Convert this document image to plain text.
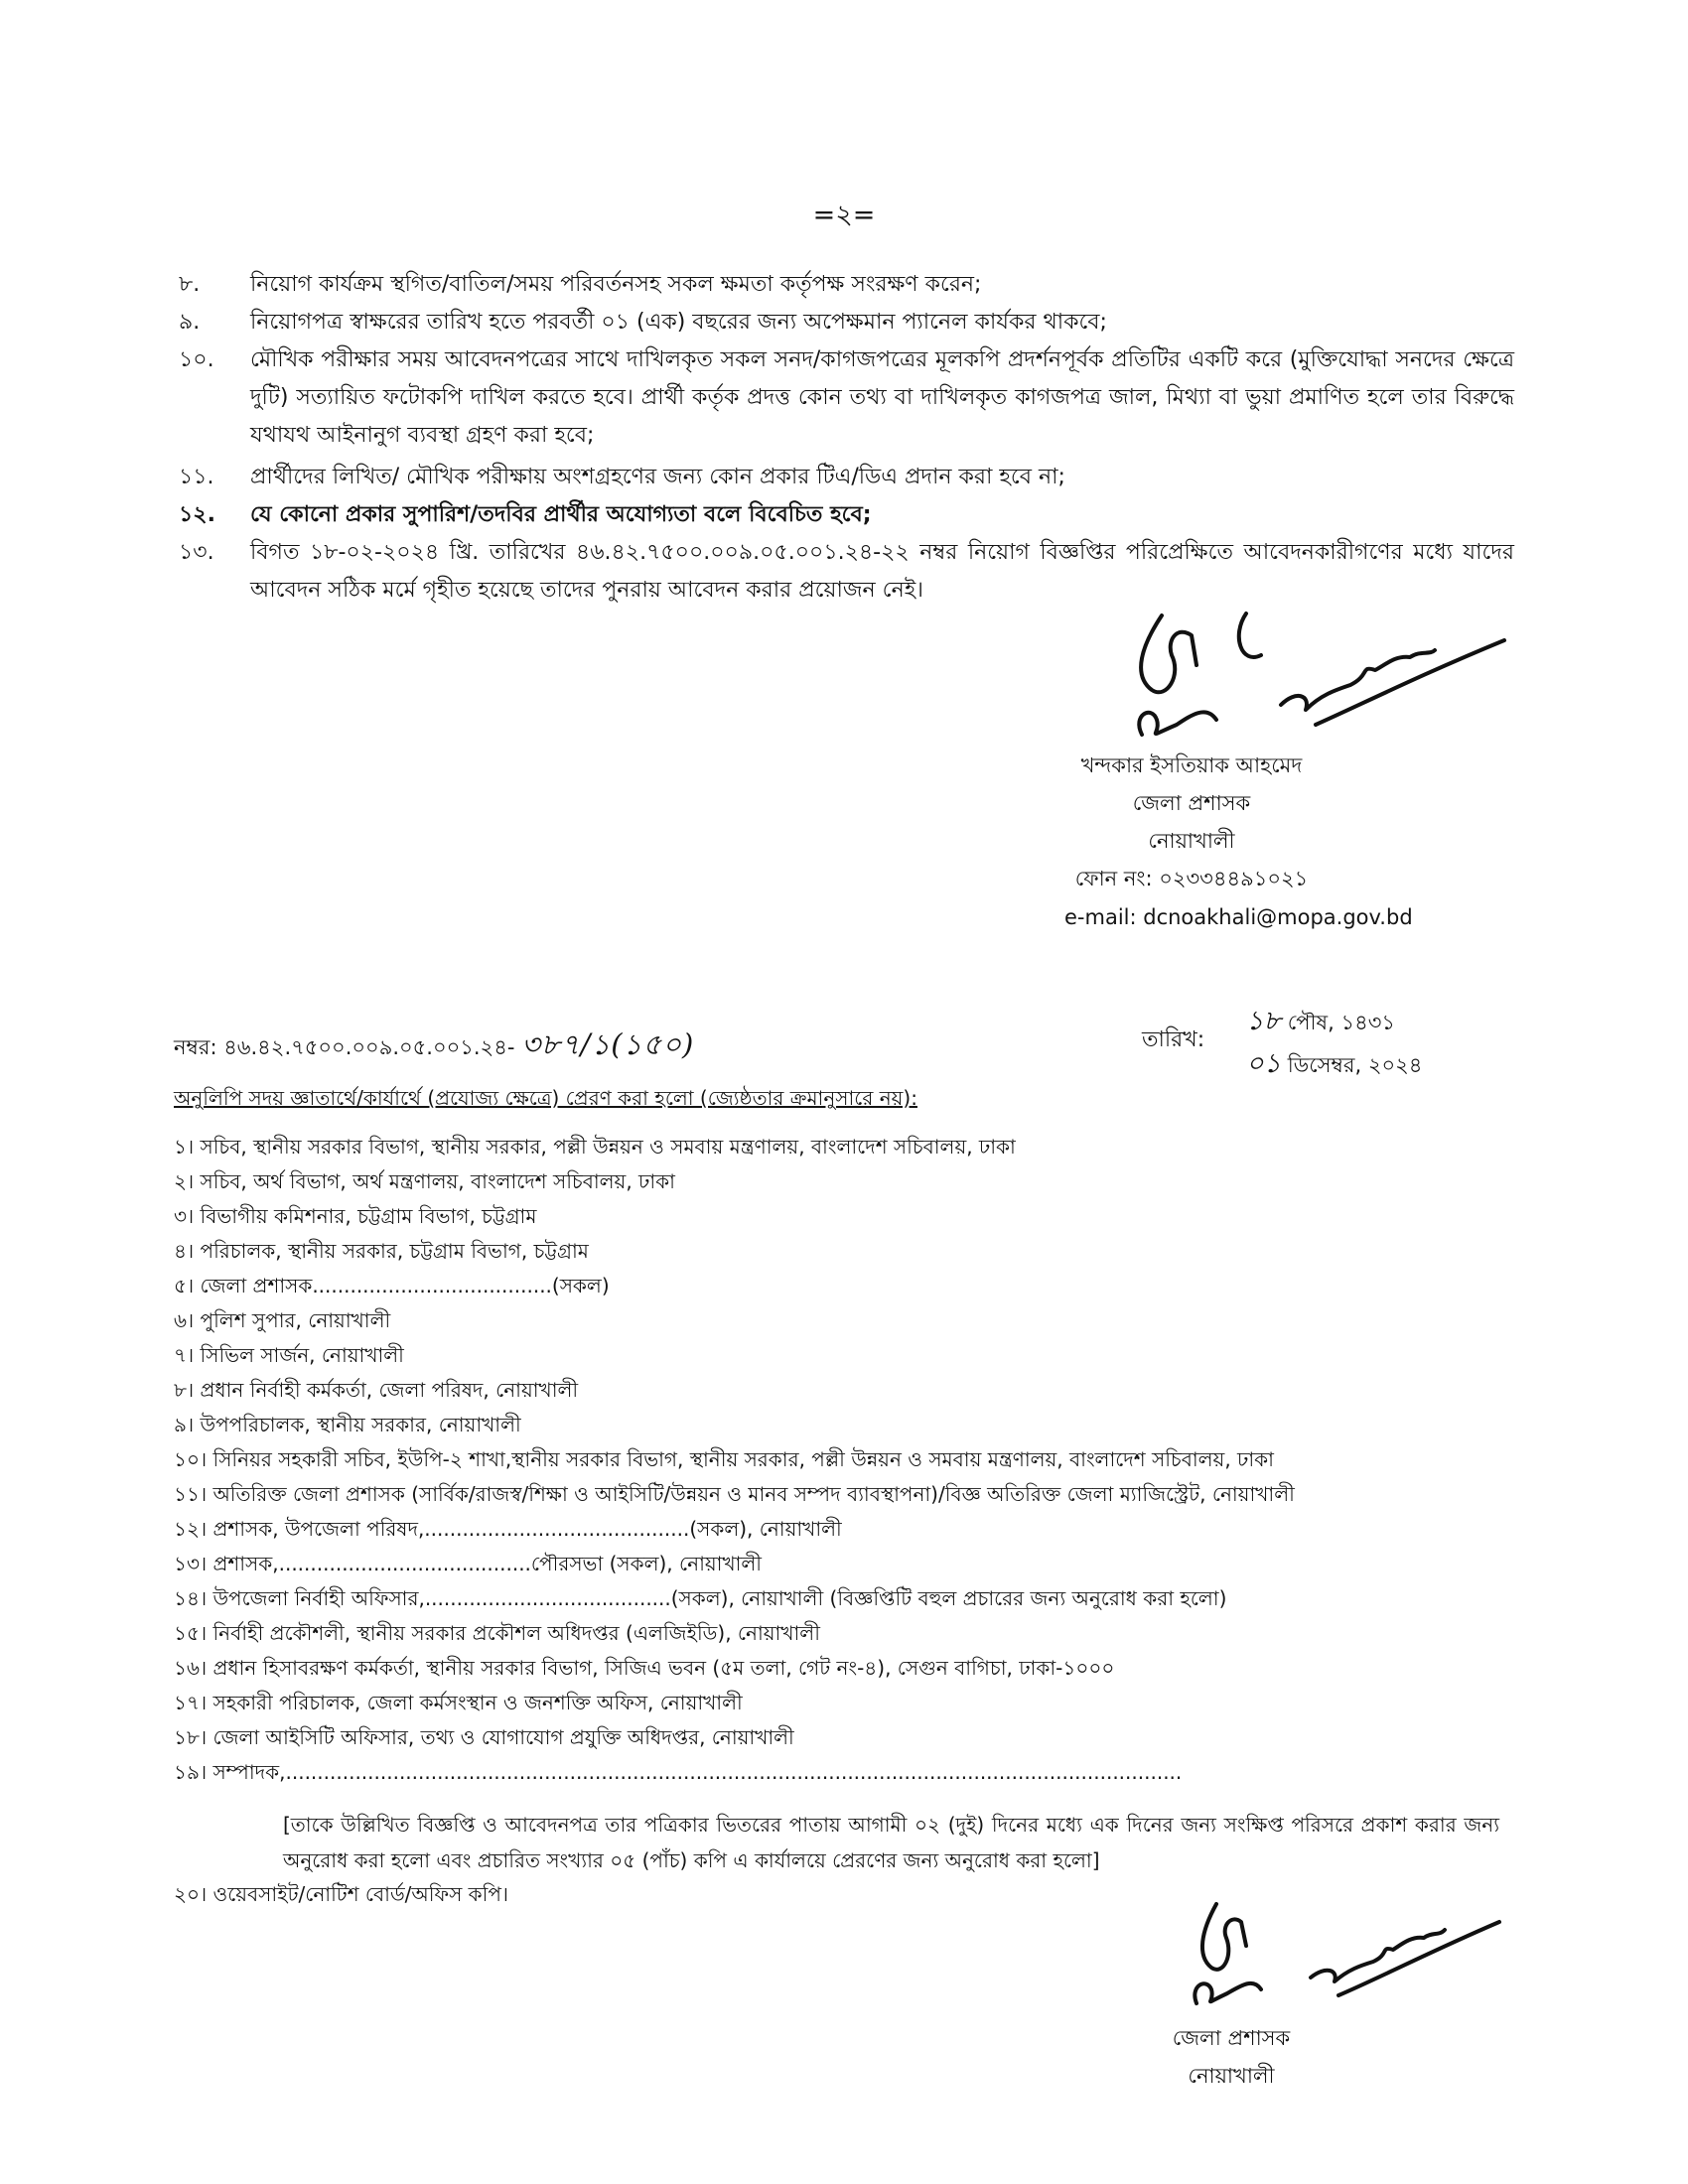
=২=
৮. নিয়োগ কার্যক্রম স্থগিত/বাতিল/সময় পরিবর্তনসহ সকল ক্ষমতা কর্তৃপক্ষ সংরক্ষণ করেন;
৯. নিয়োগপত্র স্বাক্ষরের তারিখ হতে পরবর্তী ০১ (এক) বছরের জন্য অপেক্ষমান প্যানেল কার্যকর থাকবে;
১০. মৌখিক পরীক্ষার সময় আবেদনপত্রের সাথে দাখিলকৃত সকল সনদ/কাগজপত্রের মূলকপি প্রদর্শনপূর্বক প্রতিটির একটি করে (মুক্তিযোদ্ধা সনদের ক্ষেত্রে দুটি) সত্যায়িত ফটোকপি দাখিল করতে হবে। প্রার্থী কর্তৃক প্রদত্ত কোন তথ্য বা দাখিলকৃত কাগজপত্র জাল, মিথ্যা বা ভুয়া প্রমাণিত হলে তার বিরুদ্ধে যথাযথ আইনানুগ ব্যবস্থা গ্রহণ করা হবে;
১১. প্রার্থীদের লিখিত/ মৌখিক পরীক্ষায় অংশগ্রহণের জন্য কোন প্রকার টিএ/ডিএ প্রদান করা হবে না;
১২. যে কোনো প্রকার সুপারিশ/তদবির প্রার্থীর অযোগ্যতা বলে বিবেচিত হবে;
১৩. বিগত ১৮-০২-২০২৪ খ্রি. তারিখের ৪৬.৪২.৭৫০০.০০৯.০৫.০০১.২৪-২২ নম্বর নিয়োগ বিজ্ঞপ্তির পরিপ্রেক্ষিতে আবেদনকারীগণের মধ্যে যাদের আবেদন সঠিক মর্মে গৃহীত হয়েছে তাদের পুনরায় আবেদন করার প্রয়োজন নেই।
খন্দকার ইসতিয়াক আহমেদ
জেলা প্রশাসক
নোয়াখালী
ফোন নং: ০২৩৩৪৪৯১০২১
e-mail: dcnoakhali@mopa.gov.bd
নম্বর: ৪৬.৪২.৭৫০০.০০৯.০৫.০০১.২৪- ৩৮৭/১(১৫০)	তারিখ:
১৮ পৌষ, ১৪৩১
০১ ডিসেম্বর, ২০২৪
অনুলিপি সদয় জ্ঞাতার্থে/কার্যার্থে (প্রযোজ্য ক্ষেত্রে) প্রেরণ করা হলো (জ্যেষ্ঠতার ক্রমানুসারে নয়):
১। সচিব, স্থানীয় সরকার বিভাগ, স্থানীয় সরকার, পল্লী উন্নয়ন ও সমবায় মন্ত্রণালয়, বাংলাদেশ সচিবালয়, ঢাকা
২। সচিব, অর্থ বিভাগ, অর্থ মন্ত্রণালয়, বাংলাদেশ সচিবালয়, ঢাকা
৩। বিভাগীয় কমিশনার, চট্টগ্রাম বিভাগ, চট্টগ্রাম
৪। পরিচালক, স্থানীয় সরকার, চট্টগ্রাম বিভাগ, চট্টগ্রাম
৫। জেলা প্রশাসক......................................(সকল)
৬। পুলিশ সুপার, নোয়াখালী
৭। সিভিল সার্জন, নোয়াখালী
৮। প্রধান নির্বাহী কর্মকর্তা, জেলা পরিষদ, নোয়াখালী
৯। উপপরিচালক, স্থানীয় সরকার, নোয়াখালী
১০। সিনিয়র সহকারী সচিব, ইউপি-২ শাখা,স্থানীয় সরকার বিভাগ, স্থানীয় সরকার, পল্লী উন্নয়ন ও সমবায় মন্ত্রণালয়, বাংলাদেশ সচিবালয়, ঢাকা
১১। অতিরিক্ত জেলা প্রশাসক (সার্বিক/রাজস্ব/শিক্ষা ও আইসিটি/উন্নয়ন ও মানব সম্পদ ব্যাবস্থাপনা)/বিজ্ঞ অতিরিক্ত জেলা ম্যাজিস্ট্রেট, নোয়াখালী
১২। প্রশাসক, উপজেলা পরিষদ,..........................................(সকল), নোয়াখালী
১৩। প্রশাসক,........................................পৌরসভা (সকল), নোয়াখালী
১৪। উপজেলা নির্বাহী অফিসার,.......................................(সকল), নোয়াখালী (বিজ্ঞপ্তিটি বহুল প্রচারের জন্য অনুরোধ করা হলো)
১৫। নির্বাহী প্রকৌশলী, স্থানীয় সরকার প্রকৌশল অধিদপ্তর (এলজিইডি), নোয়াখালী
১৬। প্রধান হিসাবরক্ষণ কর্মকর্তা, স্থানীয় সরকার বিভাগ, সিজিএ ভবন (৫ম তলা, গেট নং-৪), সেগুন বাগিচা, ঢাকা-১০০০
১৭। সহকারী পরিচালক, জেলা কর্মসংস্থান ও জনশক্তি অফিস, নোয়াখালী
১৮। জেলা আইসিটি অফিসার, তথ্য ও যোগাযোগ প্রযুক্তি অধিদপ্তর, নোয়াখালী
১৯। সম্পাদক,..............................................................................................................................................
[তাকে উল্লিখিত বিজ্ঞপ্তি ও আবেদনপত্র তার পত্রিকার ভিতরের পাতায় আগামী ০২ (দুই) দিনের মধ্যে এক দিনের জন্য সংক্ষিপ্ত পরিসরে প্রকাশ করার জন্য অনুরোধ করা হলো এবং প্রচারিত সংখ্যার ০৫ (পাঁচ) কপি এ কার্যালয়ে প্রেরণের জন্য অনুরোধ করা হলো]
২০। ওয়েবসাইট/নোটিশ বোর্ড/অফিস কপি।
জেলা প্রশাসক
নোয়াখালী
